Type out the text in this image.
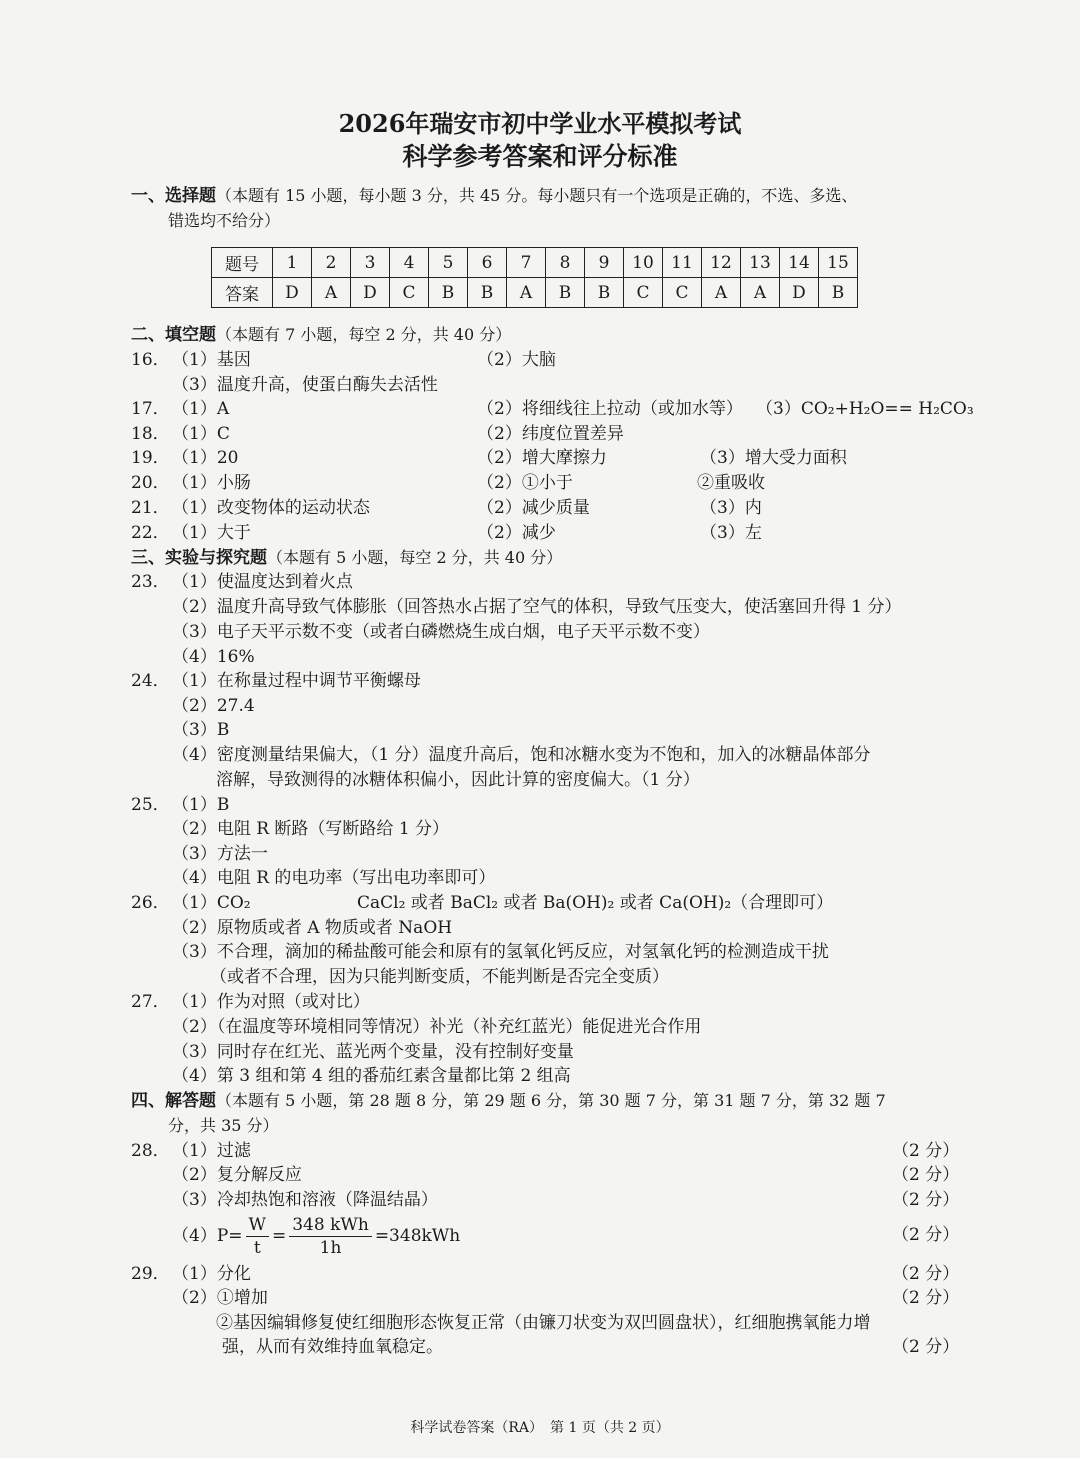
2026年瑞安市初中学业水平模拟考试
科学参考答案和评分标准
一、选择题（本题有 15 小题，每小题 3 分，共 45 分。每小题只有一个选项是正确的，不选、多选、
错选均不给分）
题号	1	2	3	4	5	6	7	8	9	10	11	12	13	14	15
答案	D	A	D	C	B	B	A	B	B	C	C	A	A	D	B
二、填空题（本题有 7 小题，每空 2 分，共 40 分）
16． （1）基因	（2）大脑
（3）温度升高，使蛋白酶失去活性
17． （1）A	（2）将细线往上拉动（或加水等） （3）CO₂+H₂O== H₂CO₃
18． （1）C	（2）纬度位置差异
19． （1）20	（2）增大摩擦力	（3）增大受力面积
20． （1）小肠	（2）①小于	②重吸收
21． （1）改变物体的运动状态	（2）减少质量	（3）内
22． （1）大于	（2）减少	（3）左
三、实验与探究题（本题有 5 小题，每空 2 分，共 40 分）
23． （1）使温度达到着火点
（2）温度升高导致气体膨胀（回答热水占据了空气的体积，导致气压变大，使活塞回升得 1 分）
（3）电子天平示数不变（或者白磷燃烧生成白烟，电子天平示数不变）
（4）16%
24． （1）在称量过程中调节平衡螺母
（2）27.4
（3）B
（4）密度测量结果偏大，（1 分）温度升高后，饱和冰糖水变为不饱和，加入的冰糖晶体部分
溶解，导致测得的冰糖体积偏小，因此计算的密度偏大。（1 分）
25． （1）B
（2）电阻 R 断路（写断路给 1 分）
（3）方法一
（4）电阻 R 的电功率（写出电功率即可）
26． （1）CO₂	CaCl₂ 或者 BaCl₂ 或者 Ba(OH)₂ 或者 Ca(OH)₂（合理即可）
（2）原物质或者 A 物质或者 NaOH
（3）不合理，滴加的稀盐酸可能会和原有的氢氧化钙反应，对氢氧化钙的检测造成干扰
（或者不合理，因为只能判断变质，不能判断是否完全变质）
27． （1）作为对照（或对比）
（2）（在温度等环境相同等情况）补光（补充红蓝光）能促进光合作用
（3）同时存在红光、蓝光两个变量，没有控制好变量
（4）第 3 组和第 4 组的番茄红素含量都比第 2 组高
四、解答题（本题有 5 小题，第 28 题 8 分，第 29 题 6 分，第 30 题 7 分，第 31 题 7 分，第 32 题 7
分，共 35 分）
28． （1）过滤	（2 分）
（2）复分解反应	（2 分）
（3）冷却热饱和溶液（降温结晶）	（2 分）
$(4)P= \frac{W}{t} = \frac{\text{348 kWh}}{1h} =348kWh$	（2 分）
29． （1）分化	（2 分）
（2）①增加	（2 分）
②基因编辑修复使红细胞形态恢复正常（由镰刀状变为双凹圆盘状），红细胞携氧能力增
强，从而有效维持血氧稳定。	（2 分）
科学试卷答案（RA）　第 1 页（共 2 页）
